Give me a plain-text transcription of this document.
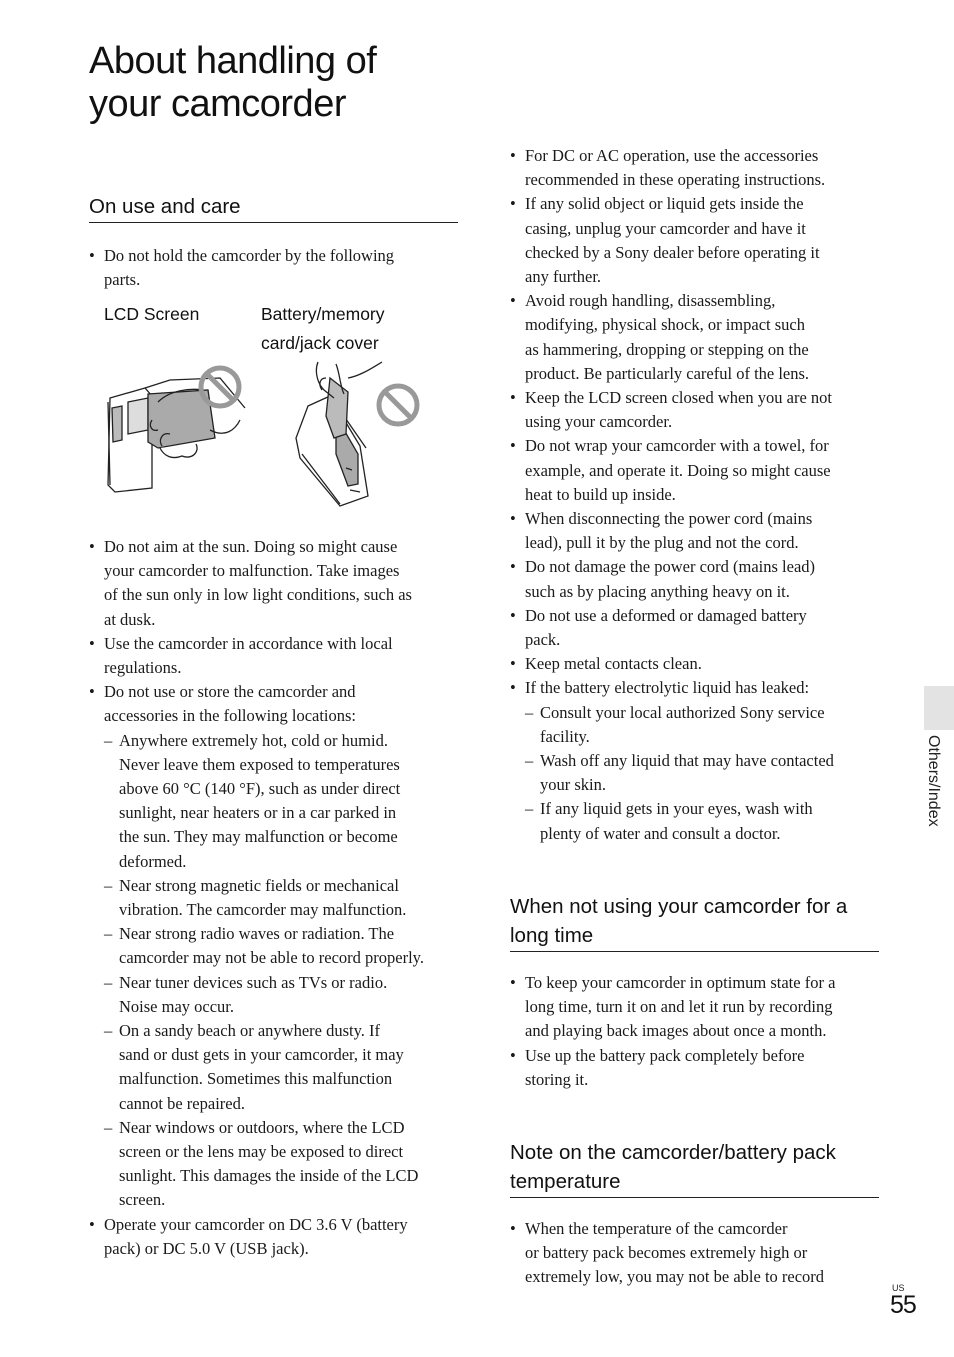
About handling of
your camcorder
On use and care
• Do not hold the camcorder by the following
parts.
LCD Screen	Battery/memory
card/jack cover
• Do not aim at the sun. Doing so might cause
your camcorder to malfunction. Take images
of the sun only in low light conditions, such as
at dusk.
• Use the camcorder in accordance with local
regulations.
• Do not use or store the camcorder and
accessories in the following locations:
– Anywhere extremely hot, cold or humid.
Never leave them exposed to temperatures
above 60 °C (140 °F), such as under direct
sunlight, near heaters or in a car parked in
the sun. They may malfunction or become
deformed.
– Near strong magnetic fields or mechanical
vibration. The camcorder may malfunction.
– Near strong radio waves or radiation. The
camcorder may not be able to record properly.
– Near tuner devices such as TVs or radio.
Noise may occur.
– On a sandy beach or anywhere dusty. If
sand or dust gets in your camcorder, it may
malfunction. Sometimes this malfunction
cannot be repaired.
– Near windows or outdoors, where the LCD
screen or the lens may be exposed to direct
sunlight. This damages the inside of the LCD
screen.
• Operate your camcorder on DC 3.6 V (battery
pack) or DC 5.0 V (USB jack).
• For DC or AC operation, use the accessories
recommended in these operating instructions.
• If any solid object or liquid gets inside the
casing, unplug your camcorder and have it
checked by a Sony dealer before operating it
any further.
• Avoid rough handling, disassembling,
modifying, physical shock, or impact such
as hammering, dropping or stepping on the
product. Be particularly careful of the lens.
• Keep the LCD screen closed when you are not
using your camcorder.
• Do not wrap your camcorder with a towel, for
example, and operate it. Doing so might cause
heat to build up inside.
• When disconnecting the power cord (mains
lead), pull it by the plug and not the cord.
• Do not damage the power cord (mains lead)
such as by placing anything heavy on it.
• Do not use a deformed or damaged battery
pack.
• Keep metal contacts clean.
• If the battery electrolytic liquid has leaked:
– Consult your local authorized Sony service
facility.
– Wash off any liquid that may have contacted
your skin.
– If any liquid gets in your eyes, wash with
plenty of water and consult a doctor.
When not using your camcorder for a
long time
• To keep your camcorder in optimum state for a
long time, turn it on and let it run by recording
and playing back images about once a month.
• Use up the battery pack completely before
storing it.
Note on the camcorder/battery pack
temperature
• When the temperature of the camcorder
or battery pack becomes extremely high or
extremely low, you may not be able to record
Others/Index
US
55
